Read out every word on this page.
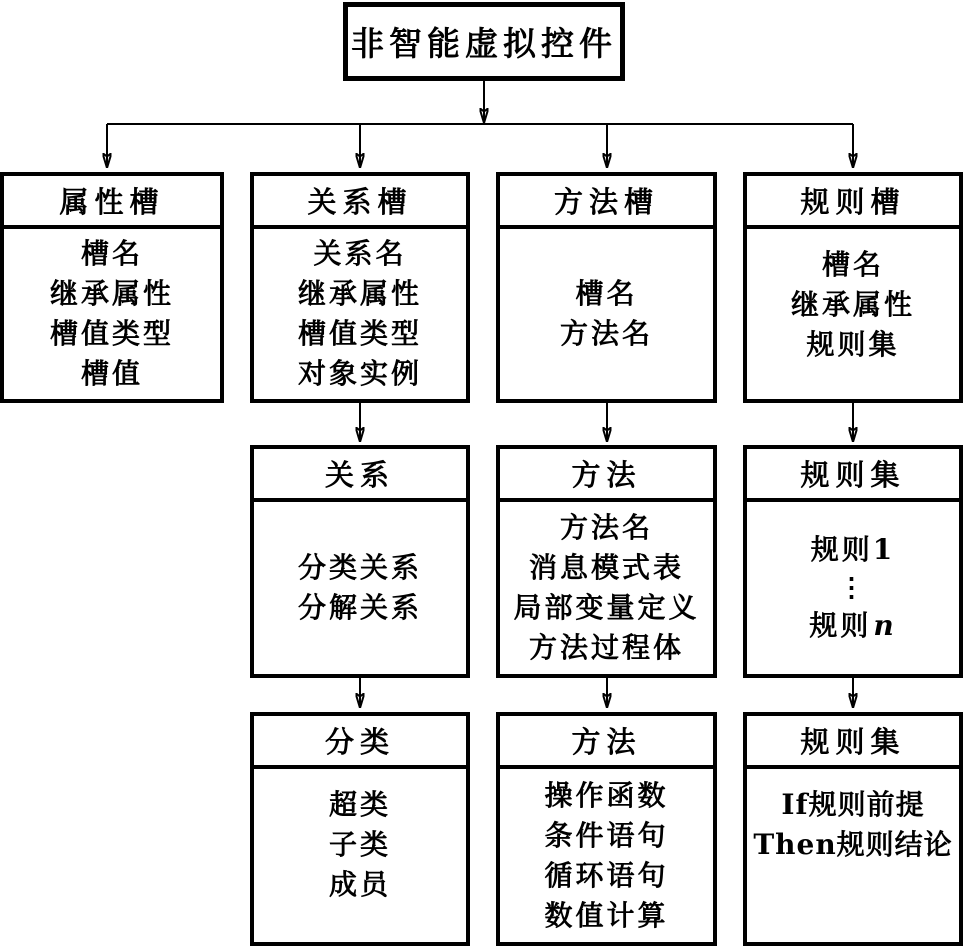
非智能虚拟控件
属性槽
槽名
继承属性
槽值类型
槽值
关系槽
关系名
继承属性
槽值类型
对象实例
方法槽
槽名
方法名
规则槽
槽名
继承属性
规则集
关系
分类关系
分解关系
方法
方法名
消息模式表
局部变量定义
方法过程体
规则集
规则1
⋮
规则n
分类
超类
子类
成员
方法
操作函数
条件语句
循环语句
数值计算
规则集
If规则前提
Then规则结论
